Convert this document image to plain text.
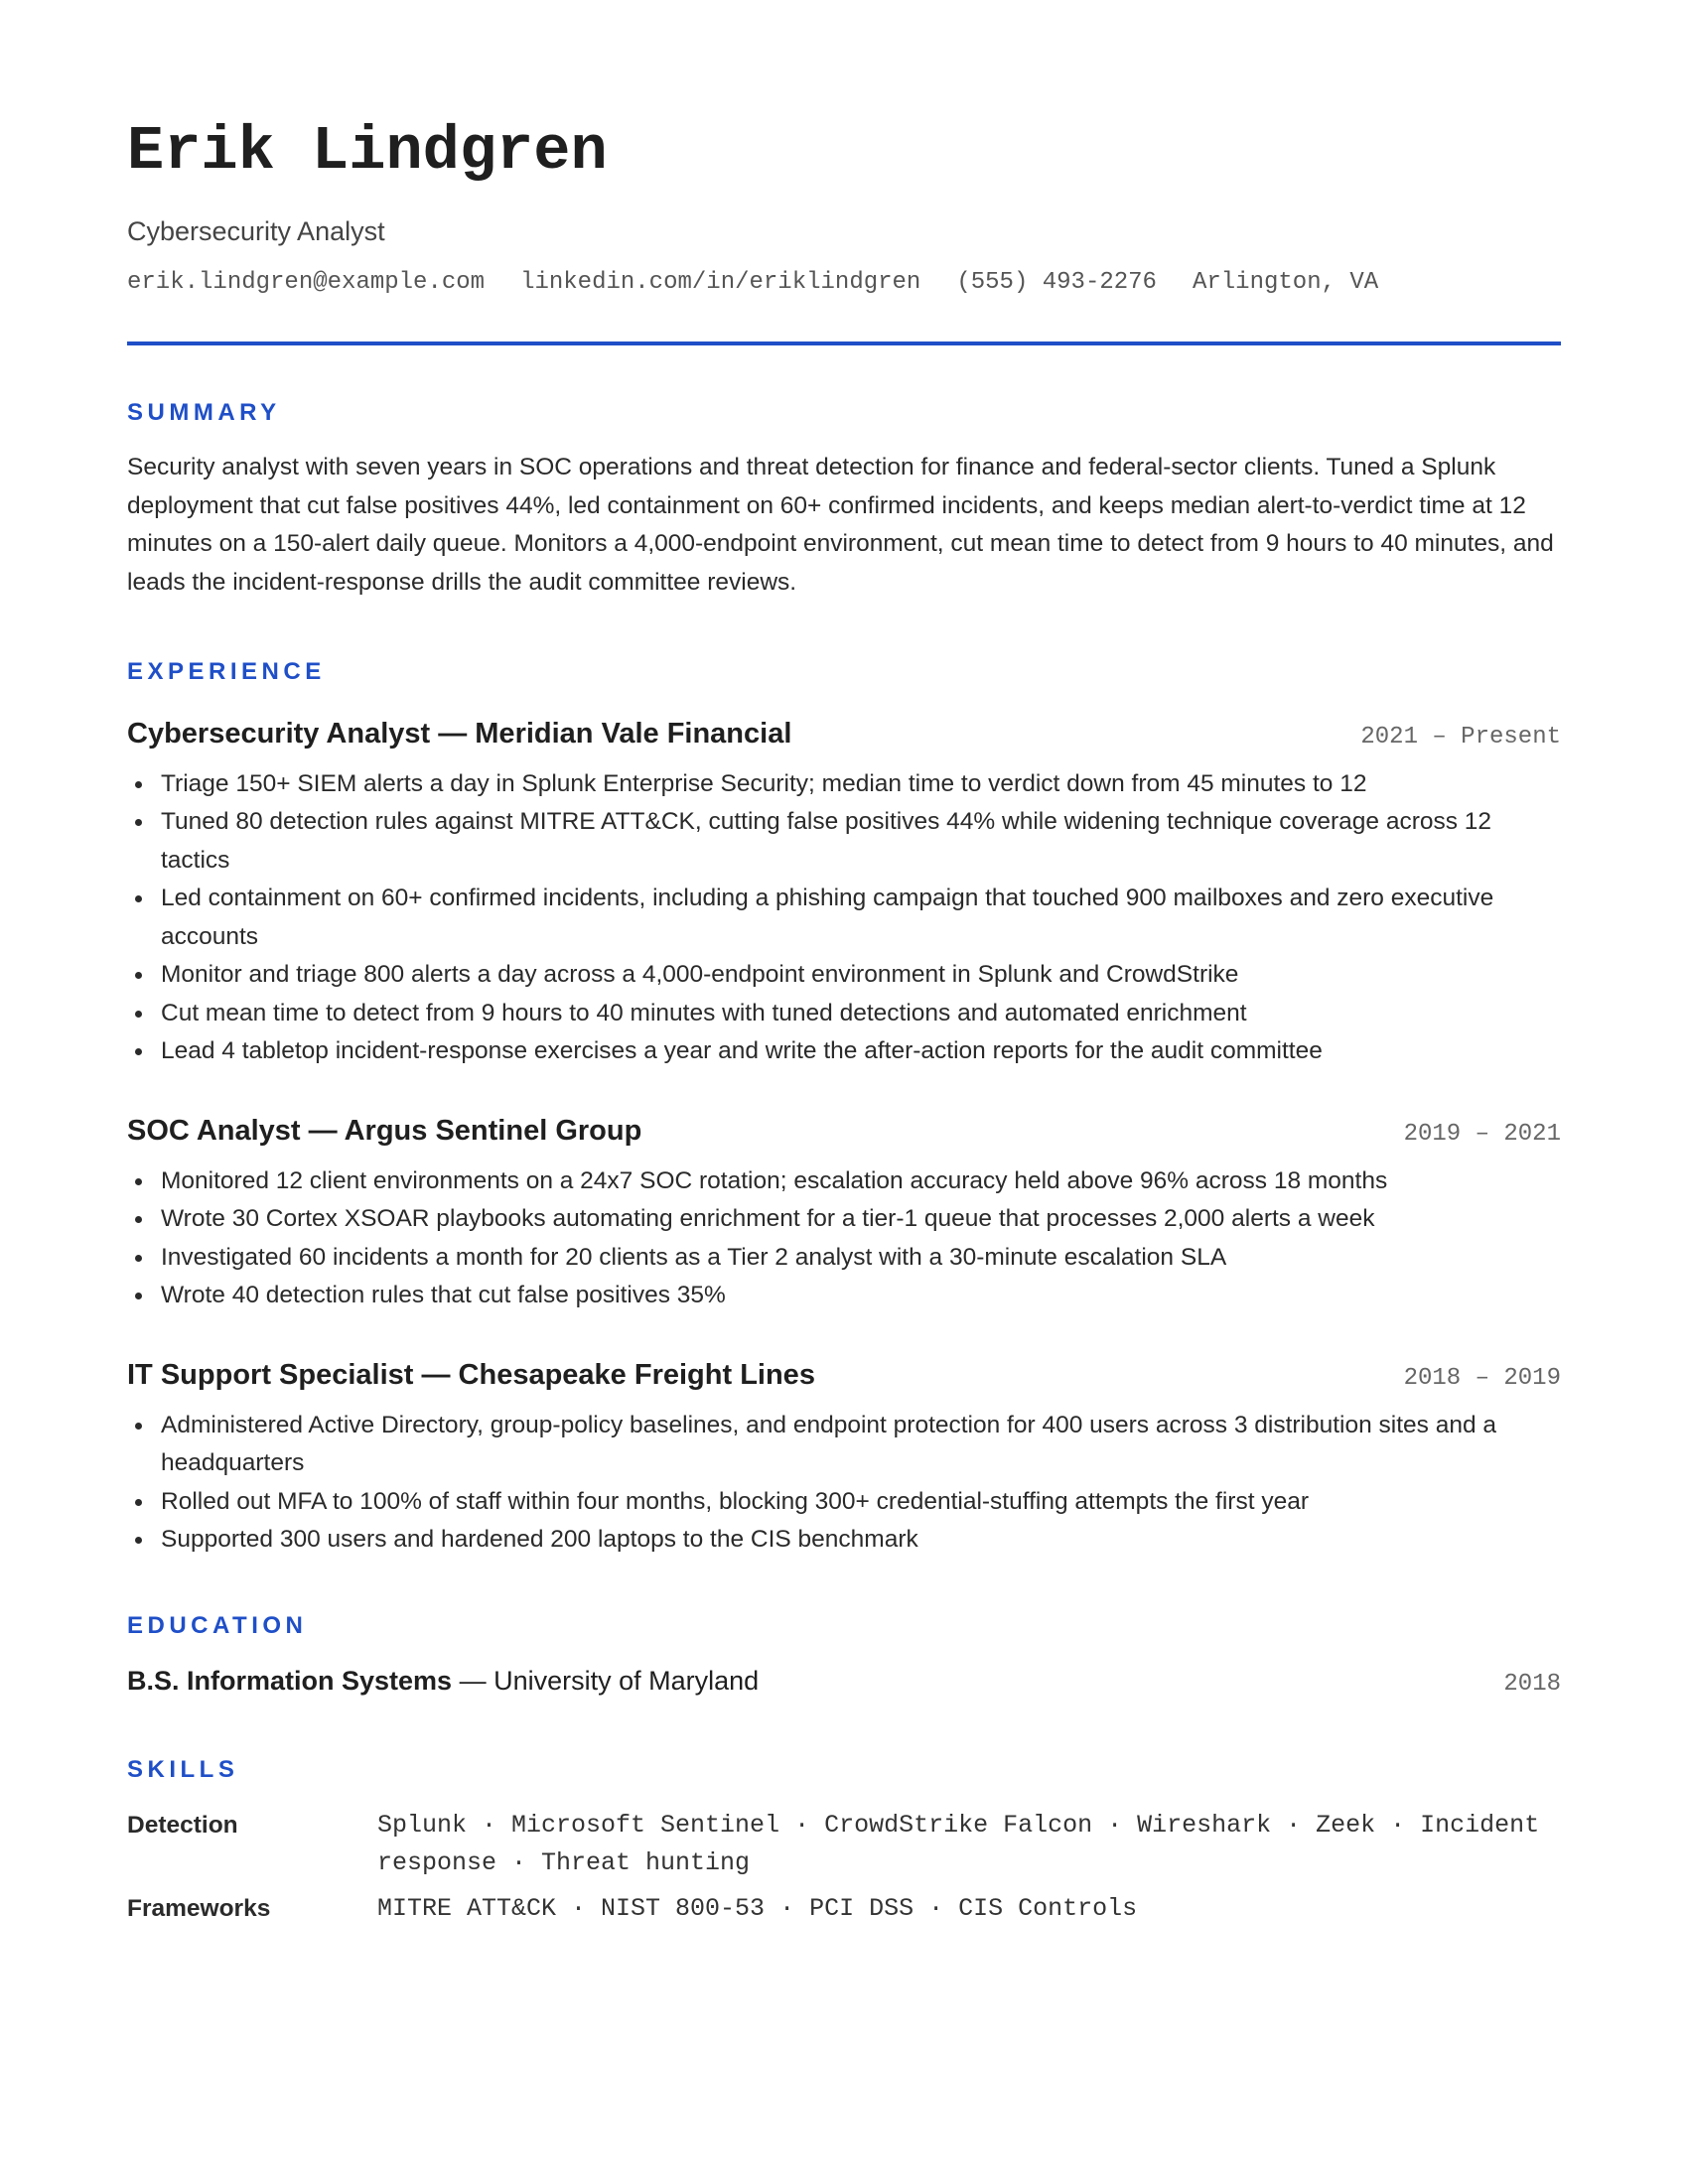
Erik Lindgren
Cybersecurity Analyst
erik.lindgren@example.com linkedin.com/in/eriklindgren (555) 493-2276 Arlington, VA
SUMMARY

Security analyst with seven years in SOC operations and threat detection for finance and federal-sector clients. Tuned a Splunk deployment that cut false positives 44%, led containment on 60+ confirmed incidents, and keeps median alert-to-verdict time at 12 minutes on a 150-alert daily queue. Monitors a 4,000-endpoint environment, cut mean time to detect from 9 hours to 40 minutes, and leads the incident-response drills the audit committee reviews.

EXPERIENCE
Cybersecurity Analyst — Meridian Vale Financial	2021 – Present
Triage 150+ SIEM alerts a day in Splunk Enterprise Security; median time to verdict down from 45 minutes to 12
Tuned 80 detection rules against MITRE ATT&CK, cutting false positives 44% while widening technique coverage across 12 tactics
Led containment on 60+ confirmed incidents, including a phishing campaign that touched 900 mailboxes and zero executive accounts
Monitor and triage 800 alerts a day across a 4,000-endpoint environment in Splunk and CrowdStrike
Cut mean time to detect from 9 hours to 40 minutes with tuned detections and automated enrichment
Lead 4 tabletop incident-response exercises a year and write the after-action reports for the audit committee
SOC Analyst — Argus Sentinel Group	2019 – 2021
Monitored 12 client environments on a 24x7 SOC rotation; escalation accuracy held above 96% across 18 months
Wrote 30 Cortex XSOAR playbooks automating enrichment for a tier-1 queue that processes 2,000 alerts a week
Investigated 60 incidents a month for 20 clients as a Tier 2 analyst with a 30-minute escalation SLA
Wrote 40 detection rules that cut false positives 35%
IT Support Specialist — Chesapeake Freight Lines	2018 – 2019
Administered Active Directory, group-policy baselines, and endpoint protection for 400 users across 3 distribution sites and a headquarters
Rolled out MFA to 100% of staff within four months, blocking 300+ credential-stuffing attempts the first year
Supported 300 users and hardened 200 laptops to the CIS benchmark
EDUCATION
B.S. Information Systems — University of Maryland	2018
SKILLS
Detection	Splunk · Microsoft Sentinel · CrowdStrike Falcon · Wireshark · Zeek · Incident response · Threat hunting
Frameworks	MITRE ATT&CK · NIST 800-53 · PCI DSS · CIS Controls
